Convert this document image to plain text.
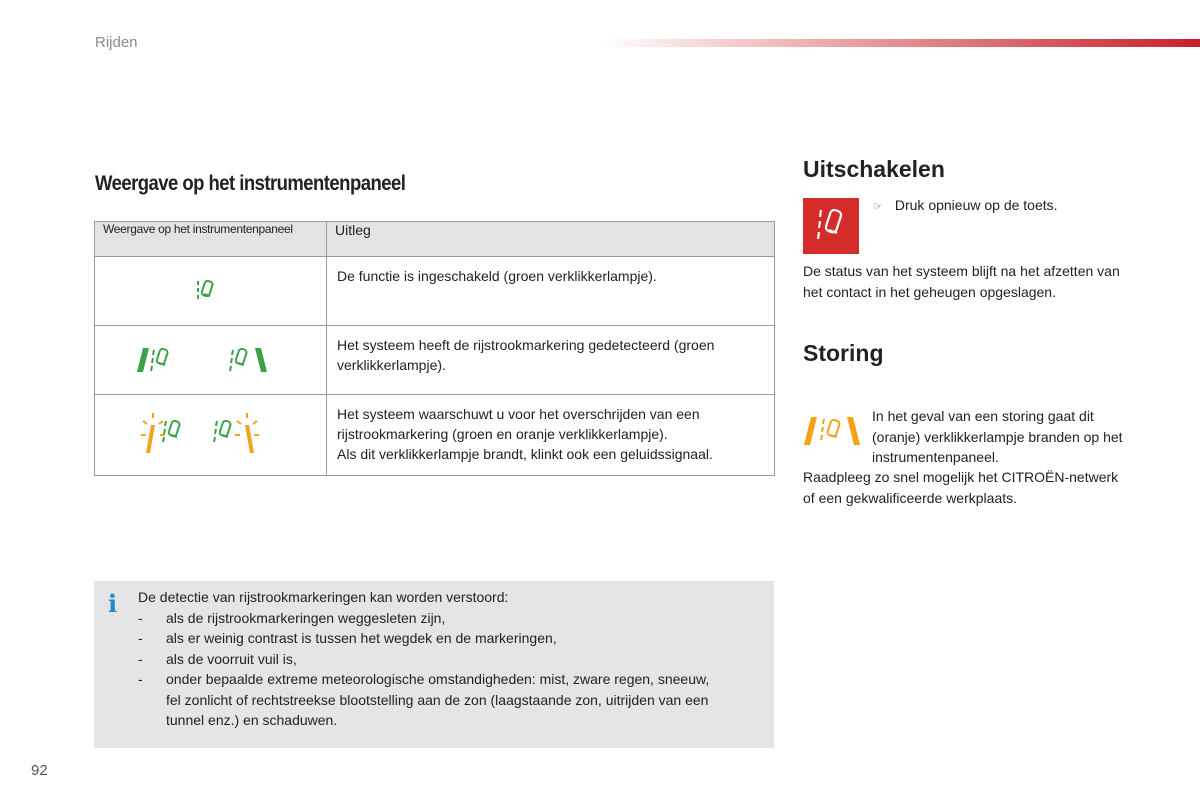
Rijden
Weergave op het instrumentenpaneel
Weergave op het instrumentenpaneel	Uitleg

	De functie is ingeschakeld (groen verklikkerlampje).

	Het systeem heeft de rijstrookmarkering gedetecteerd (groen verklikkerlampje).

Het systeem waarschuwt u voor het overschrijden van een rijstrookmarkering (groen en oranje verklikkerlampje).
Als dit verklikkerlampje brandt, klinkt ook een geluidssignaal.
i De detectie van rijstrookmarkeringen kan worden verstoord:
-	als de rijstrookmarkeringen weggesleten zijn,
-	als er weinig contrast is tussen het wegdek en de markeringen,
-	als de voorruit vuil is,
-	onder bepaalde extreme meteorologische omstandigheden: mist, zware regen, sneeuw, fel zonlicht of rechtstreekse blootstelling aan de zon (laagstaande zon, uitrijden van een tunnel enz.) en schaduwen.
Uitschakelen
☞ Druk opnieuw op de toets.
De status van het systeem blijft na het afzetten van het contact in het geheugen opgeslagen.
Storing
In het geval van een storing gaat dit (oranje) verklikkerlampje branden op het instrumentenpaneel.
Raadpleeg zo snel mogelijk het CITROËN-netwerk of een gekwalificeerde werkplaats.
92
